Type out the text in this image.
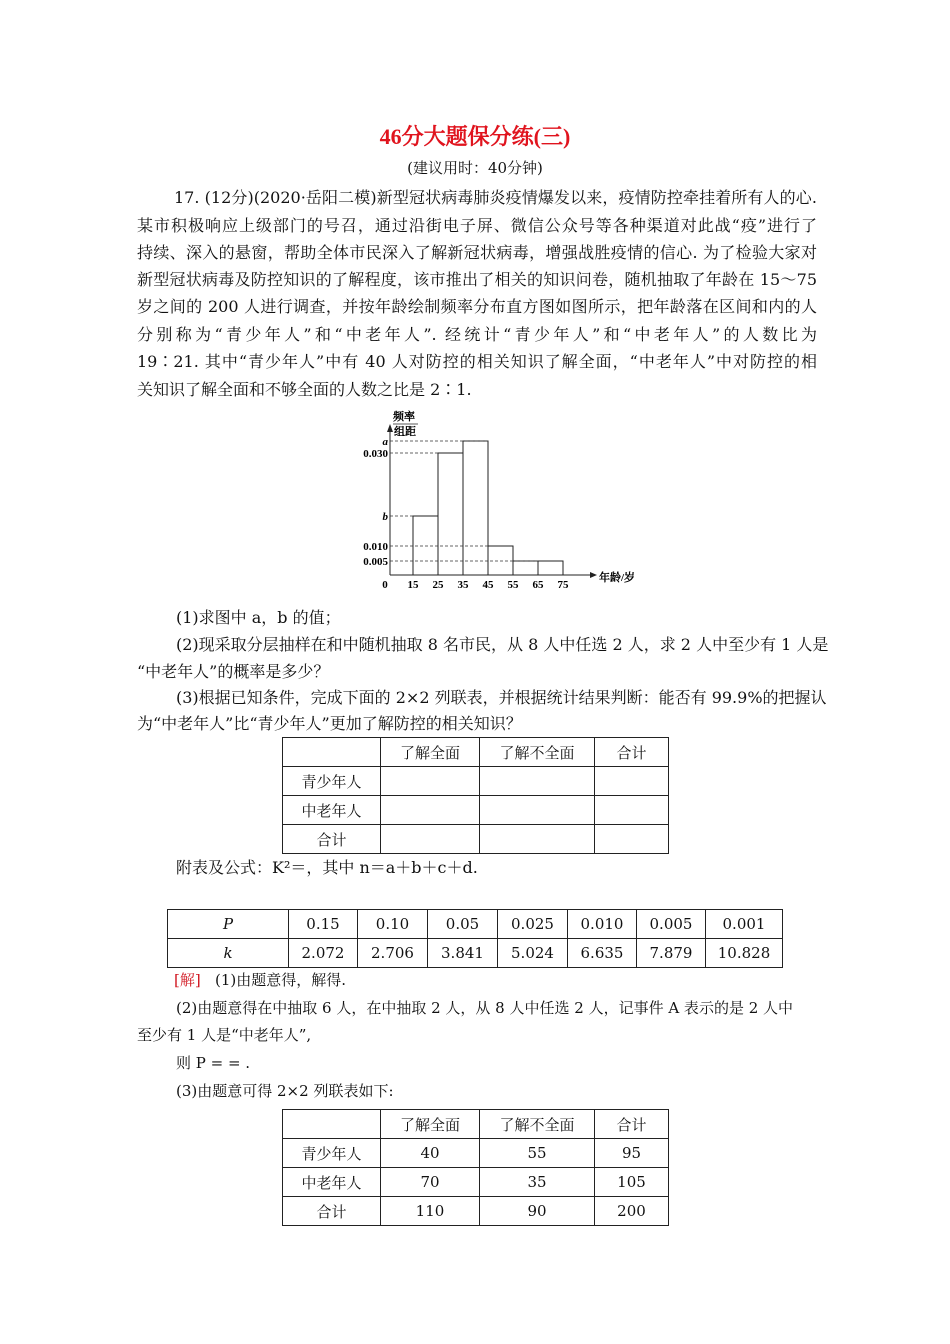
46分大题保分练(三)
(建议用时：40分钟)
17. (12分)(2020·岳阳二模)新型冠状病毒肺炎疫情爆发以来，疫情防控牵挂着所有人的心.
某市积极响应上级部门的号召，通过沿街电子屏、微信公众号等各种渠道对此战“疫”进行了
持续、深入的悬窗，帮助全体市民深入了解新冠状病毒，增强战胜疫情的信心. 为了检验大家对
新型冠状病毒及防控知识的了解程度，该市推出了相关的知识问卷，随机抽取了年龄在 15～75
岁之间的 200 人进行调查，并按年龄绘制频率分布直方图如图所示，把年龄落在区间和内的人
分别称为“青少年人”和“中老年人”. 经统计“青少年人”和“中老年人”的人数比为
19∶21. 其中“青少年人”中有 40 人对防控的相关知识了解全面，“中老年人”中对防控的相
关知识了解全面和不够全面的人数之比是 2∶1.
a
0.030
b
0.010
0.005
0 15 25 35 45 55 65 75
年龄/岁
频率
组距
(1)求图中 a，b 的值；
(2)现采取分层抽样在和中随机抽取 8 名市民，从 8 人中任选 2 人，求 2 人中至少有 1 人是
“中老年人”的概率是多少？
(3)根据已知条件，完成下面的 2×2 列联表，并根据统计结果判断：能否有 99.9%的把握认
为“中老年人”比“青少年人”更加了解防控的相关知识？
	了解全面	了解不全面	合计
青少年人			
中老年人			
合计			
附表及公式：K²＝，其中 n＝a＋b＋c＋d.
P	0.15	0.10	0.05	0.025	0.010	0.005	0.001
k	2.072	2.706	3.841	5.024	6.635	7.879	10.828
[解] (1)由题意得，解得.
(2)由题意得在中抽取 6 人，在中抽取 2 人，从 8 人中任选 2 人，记事件 A 表示的是 2 人中
至少有 1 人是“中老年人”,
则 P = = .
(3)由题意可得 2×2 列联表如下:
	了解全面	了解不全面	合计
青少年人	40	55	95
中老年人	70	35	105
合计	110	90	200
